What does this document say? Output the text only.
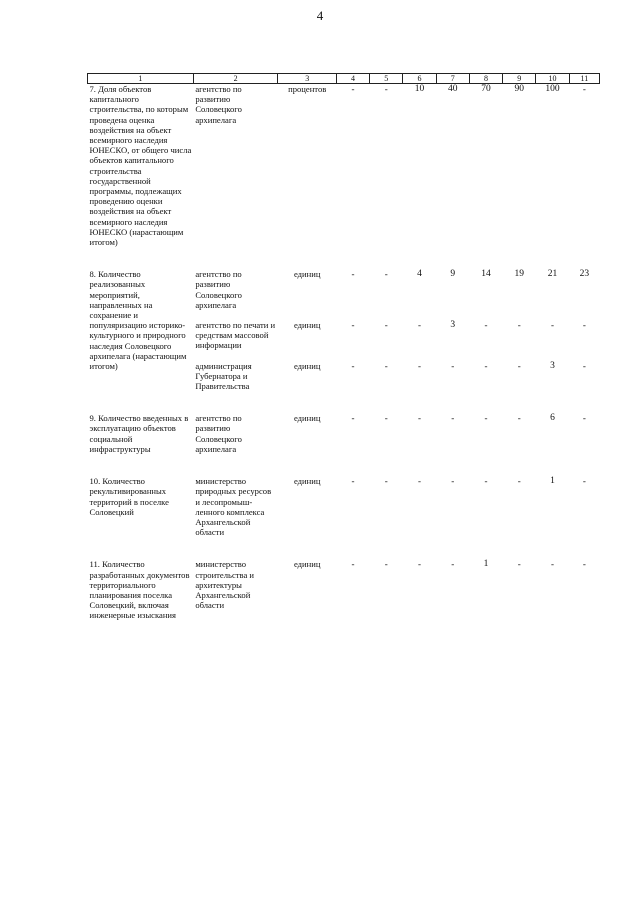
4
1	2	3	4	5	6	7	8	9	10	11
7. Доля объектов капитального строительства, по которым проведена оценка воздействия на объект всемирного наследия ЮНЕСКО, от общего числа объектов капитального строительства государственной программы, подлежащих проведению оценки воздействия на объект всемирного наследия ЮНЕСКО (нарастающим итогом)	агентство по развитию Соловецкого архипелага	процентов	-	-	10	40	70	90	100	-

8. Количество реализованных мероприятий, направленных на сохранение и популяризацию историко-культурного и природного наследия Соловецкого архипелага (нарастающим итогом)	агентство по развитию Соловецкого архипелага	единиц	-	-	4	9	14	19	21	23

	агентство по печати и средствам массовой информации	единиц	-	-	-	3	-	-	-	-

	администрация Губернатора и Правительства	единиц	-	-	-	-	-	-	3	-

9. Количество введенных в эксплуатацию объектов социальной инфраструктуры	агентство по развитию Соловецкого архипелага	единиц	-	-	-	-	-	-	6	-

10. Количество рекультивированных территорий в поселке Соловецкий	министерство природных ресурсов и лесопромыш-ленного комплекса Архангельской области	единиц	-	-	-	-	-	-	1	-

11. Количество разработанных документов территориального планирования поселка Соловецкий, включая инженерные изыскания	министерство строительства и архитектуры Архангельской области	единиц	-	-	-	-	1	-	-	-
